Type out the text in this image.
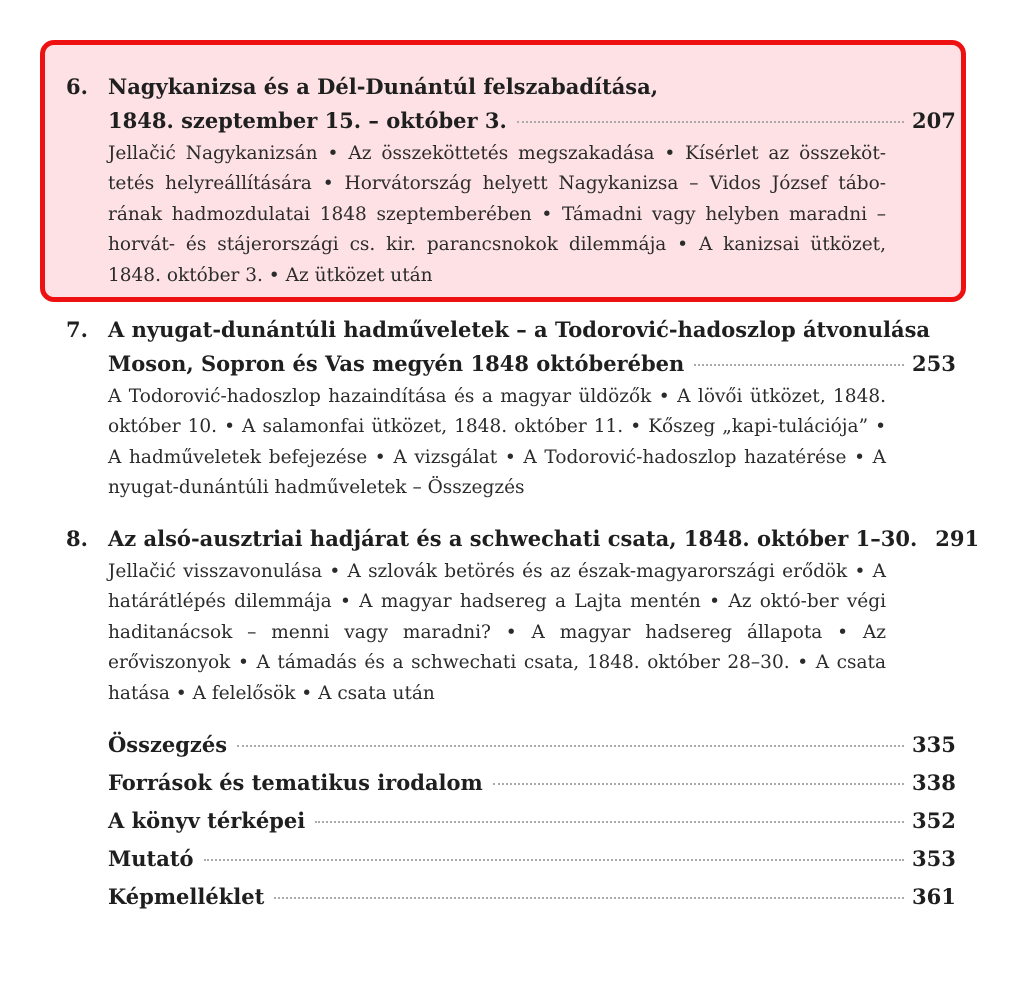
6. Nagykanizsa és a Dél-Dunántúl felszabadítása,
1848. szeptember 15. – október 3.	207
Jellačić Nagykanizsán • Az összeköttetés megszakadása • Kísérlet az összeköt-tetés helyreállítására • Horvátország helyett Nagykanizsa – Vidos József tábo-rának hadmozdulatai 1848 szeptemberében • Támadni vagy helyben maradni – horvát- és stájerországi cs. kir. parancsnokok dilemmája • A kanizsai ütközet, 1848. október 3. • Az ütközet után
7. A nyugat-dunántúli hadműveletek – a Todorović-hadoszlop átvonulása
Moson, Sopron és Vas megyén 1848 októberében	253
A Todorović-hadoszlop hazaindítása és a magyar üldözők • A lövői ütközet, 1848. október 10. • A salamonfai ütközet, 1848. október 11. • Kőszeg „kapi-tulációja” • A hadműveletek befejezése • A vizsgálat • A Todorović-hadoszlop hazatérése • A nyugat-dunántúli hadműveletek – Összegzés
8. Az alsó-ausztriai hadjárat és a schwechati csata, 1848. október 1–30. 291
Jellačić visszavonulása • A szlovák betörés és az észak-magyarországi erődök • A határátlépés dilemmája • A magyar hadsereg a Lajta mentén • Az októ-ber végi haditanácsok – menni vagy maradni? • A magyar hadsereg állapota • Az erőviszonyok • A támadás és a schwechati csata, 1848. október 28–30. • A csata hatása • A felelősök • A csata után
Összegzés	335
Források és tematikus irodalom	338
A könyv térképei	352
Mutató	353
Képmelléklet	361
